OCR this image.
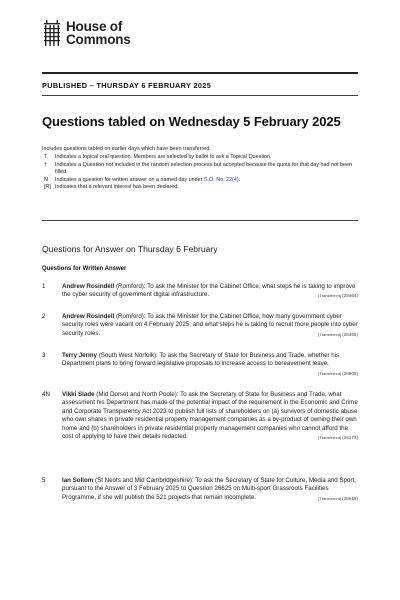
House of
Commons
PUBLISHED – THURSDAY 6 FEBRUARY 2025
Questions tabled on Wednesday 5 February 2025
Includes questions tabled on earlier days which have been transferred.
T	Indicates a topical oral question. Members are selected by ballot to ask a Topical Question.
†	Indicates a Question not included in the random selection process but accepted because the quota for that day had not been filled.
N	Indicates a question for written answer on a named day under S.O. No. 22(4).
[R] Indicates that a relevant interest has been declared.
Questions for Answer on Thursday 6 February
Questions for Written Answer
1	Andrew Rosindell (Romford): To ask the Minister for the Cabinet Office, what steps he is taking to improve the cyber security of government digital infrastructure.	[Transferred] (28464)
2	Andrew Rosindell (Romford): To ask the Minister for the Cabinet Office, how many government cyber security roles were vacant on 4 February 2025; and what steps he is taking to recruit more people into cyber security roles.	[Transferred] (28465)
3	Terry Jermy (South West Norfolk): To ask the Secretary of State for Business and Trade, whether his Department plans to bring forward legislative proposals to increase access to bereavement leave.
[Transferred] (28809)
4N	Vikki Slade (Mid Dorset and North Poole): To ask the Secretary of State for Business and Trade, what assessment his Department has made of the potential impact of the requirement in the Economic and Crime and Corporate Transparency Act 2023 to publish full lists of shareholders on (a) survivors of domestic abuse who own shares in private residential property management companies as a by-product of owning their own home and (b) shareholders in private residential property management companies who cannot afford the cost of applying to have their details redacted.	[Transferred] (28173)
5	Ian Sollom (St Neots and Mid Cambridgeshire): To ask the Secretary of State for Culture, Media and Sport, pursuant to the Answer of 3 February 2025 to Question 26625 on Multi-sport Grassroots Facilities Programme, if she will publish the 521 projects that remain incomplete.	[Transferred] (28619)
